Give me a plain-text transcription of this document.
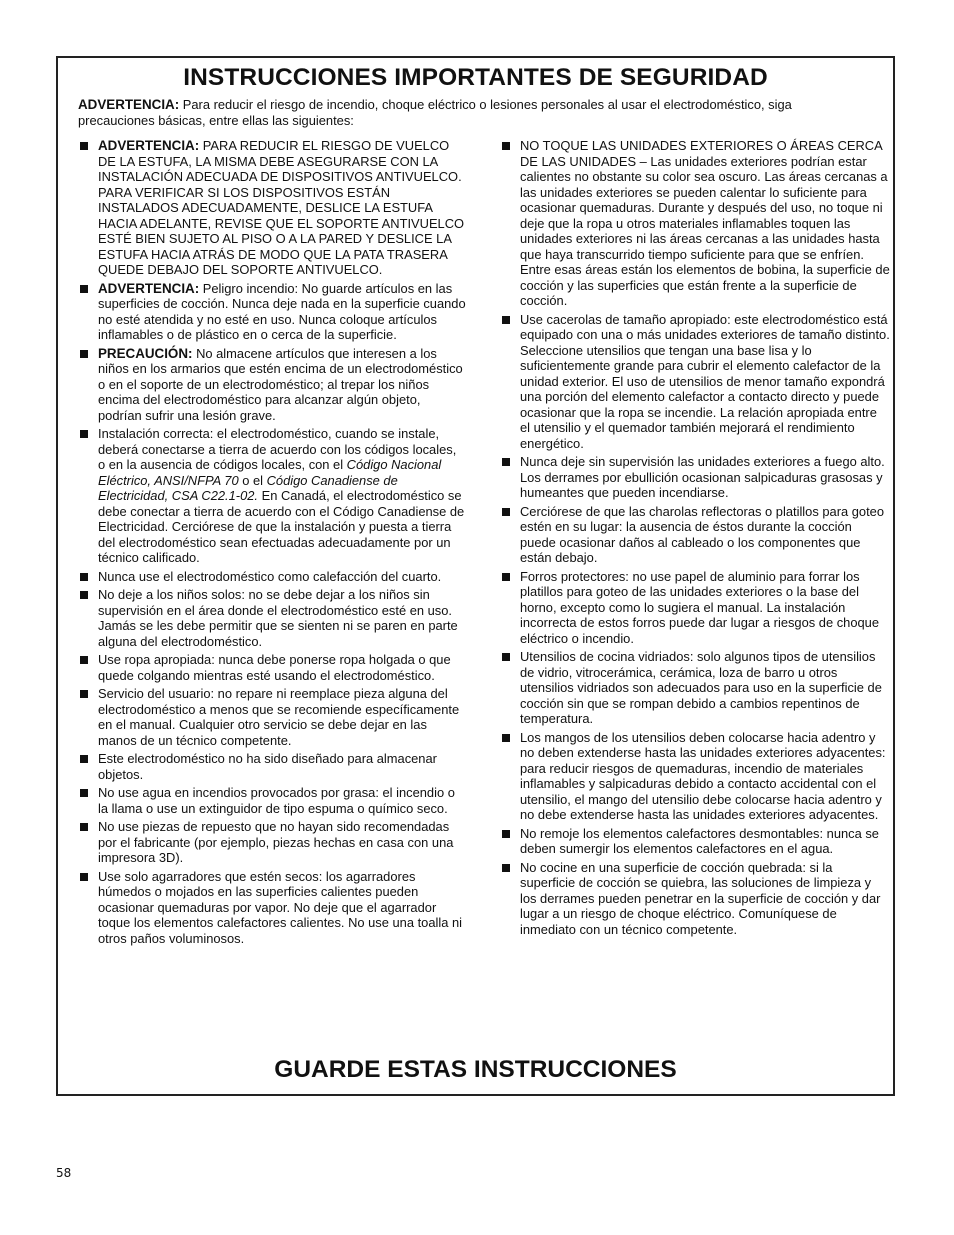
INSTRUCCIONES IMPORTANTES DE SEGURIDAD
ADVERTENCIA: Para reducir el riesgo de incendio, choque eléctrico o lesiones personales al usar el electrodoméstico, siga precauciones básicas, entre ellas las siguientes:
ADVERTENCIA: PARA REDUCIR EL RIESGO DE VUELCO DE LA ESTUFA, LA MISMA DEBE ASEGURARSE CON LA INSTALACIÓN ADECUADA DE DISPOSITIVOS ANTIVUELCO. PARA VERIFICAR SI LOS DISPOSITIVOS ESTÁN INSTALADOS ADECUADAMENTE, DESLICE LA ESTUFA HACIA ADELANTE, REVISE QUE EL SOPORTE ANTIVUELCO ESTÉ BIEN SUJETO AL PISO O A LA PARED Y DESLICE LA ESTUFA HACIA ATRÁS DE MODO QUE LA PATA TRASERA QUEDE DEBAJO DEL SOPORTE ANTIVUELCO.
ADVERTENCIA: Peligro incendio: No guarde artículos en las superficies de cocción. Nunca deje nada en la superficie cuando no esté atendida y no esté en uso. Nunca coloque artículos inflamables o de plástico en o cerca de la superficie.
PRECAUCIÓN: No almacene artículos que interesen a los niños en los armarios que estén encima de un electrodoméstico o en el soporte de un electrodoméstico; al trepar los niños encima del electrodoméstico para alcanzar algún objeto, podrían sufrir una lesión grave.
Instalación correcta: el electrodoméstico, cuando se instale, deberá conectarse a tierra de acuerdo con los códigos locales, o en la ausencia de códigos locales, con el Código Nacional Eléctrico, ANSI/NFPA 70 o el Código Canadiense de Electricidad, CSA C22.1-02. En Canadá, el electrodoméstico se debe conectar a tierra de acuerdo con el Código Canadiense de Electricidad. Cerciórese de que la instalación y puesta a tierra del electrodoméstico sean efectuadas adecuadamente por un técnico calificado.
Nunca use el electrodoméstico como calefacción del cuarto.
No deje a los niños solos: no se debe dejar a los niños sin supervisión en el área donde el electrodoméstico esté en uso. Jamás se les debe permitir que se sienten ni se paren en parte alguna del electrodoméstico.
Use ropa apropiada: nunca debe ponerse ropa holgada o que quede colgando mientras esté usando el electrodoméstico.
Servicio del usuario: no repare ni reemplace pieza alguna del electrodoméstico a menos que se recomiende específicamente en el manual. Cualquier otro servicio se debe dejar en las manos de un técnico competente.
Este electrodoméstico no ha sido diseñado para almacenar objetos.
No use agua en incendios provocados por grasa: el incendio o la llama o use un extinguidor de tipo espuma o químico seco.
No use piezas de repuesto que no hayan sido recomendadas por el fabricante (por ejemplo, piezas hechas en casa con una impresora 3D).
Use solo agarradores que estén secos: los agarradores húmedos o mojados en las superficies calientes pueden ocasionar quemaduras por vapor. No deje que el agarrador toque los elementos calefactores calientes. No use una toalla ni otros paños voluminosos.
NO TOQUE LAS UNIDADES EXTERIORES O ÁREAS CERCA DE LAS UNIDADES – Las unidades exteriores podrían estar calientes no obstante su color sea oscuro. Las áreas cercanas a las unidades exteriores se pueden calentar lo suficiente para ocasionar quemaduras. Durante y después del uso, no toque ni deje que la ropa u otros materiales inflamables toquen las unidades exteriores ni las áreas cercanas a las unidades hasta que haya transcurrido tiempo suficiente para que se enfríen. Entre esas áreas están los elementos de bobina, la superficie de cocción y las superficies que están frente a la superficie de cocción.
Use cacerolas de tamaño apropiado: este electrodoméstico está equipado con una o más unidades exteriores de tamaño distinto. Seleccione utensilios que tengan una base lisa y lo suficientemente grande para cubrir el elemento calefactor de la unidad exterior. El uso de utensilios de menor tamaño expondrá una porción del elemento calefactor a contacto directo y puede ocasionar que la ropa se incendie. La relación apropiada entre el utensilio y el quemador también mejorará el rendimiento energético.
Nunca deje sin supervisión las unidades exteriores a fuego alto. Los derrames por ebullición ocasionan salpicaduras grasosas y humeantes que pueden incendiarse.
Cerciórese de que las charolas reflectoras o platillos para goteo estén en su lugar: la ausencia de éstos durante la cocción puede ocasionar daños al cableado o los componentes que están debajo.
Forros protectores: no use papel de aluminio para forrar los platillos para goteo de las unidades exteriores o la base del horno, excepto como lo sugiera el manual. La instalación incorrecta de estos forros puede dar lugar a riesgos de choque eléctrico o incendio.
Utensilios de cocina vidriados: solo algunos tipos de utensilios de vidrio, vitrocerámica, cerámica, loza de barro u otros utensilios vidriados son adecuados para uso en la superficie de cocción sin que se rompan debido a cambios repentinos de temperatura.
Los mangos de los utensilios deben colocarse hacia adentro y no deben extenderse hasta las unidades exteriores adyacentes: para reducir riesgos de quemaduras, incendio de materiales inflamables y salpicaduras debido a contacto accidental con el utensilio, el mango del utensilio debe colocarse hacia adentro y no debe extenderse hasta las unidades exteriores adyacentes.
No remoje los elementos calefactores desmontables: nunca se deben sumergir los elementos calefactores en el agua.
No cocine en una superficie de cocción quebrada: si la superficie de cocción se quiebra, las soluciones de limpieza y los derrames pueden penetrar en la superficie de cocción y dar lugar a un riesgo de choque eléctrico. Comuníquese de inmediato con un técnico competente.
GUARDE ESTAS INSTRUCCIONES
58
